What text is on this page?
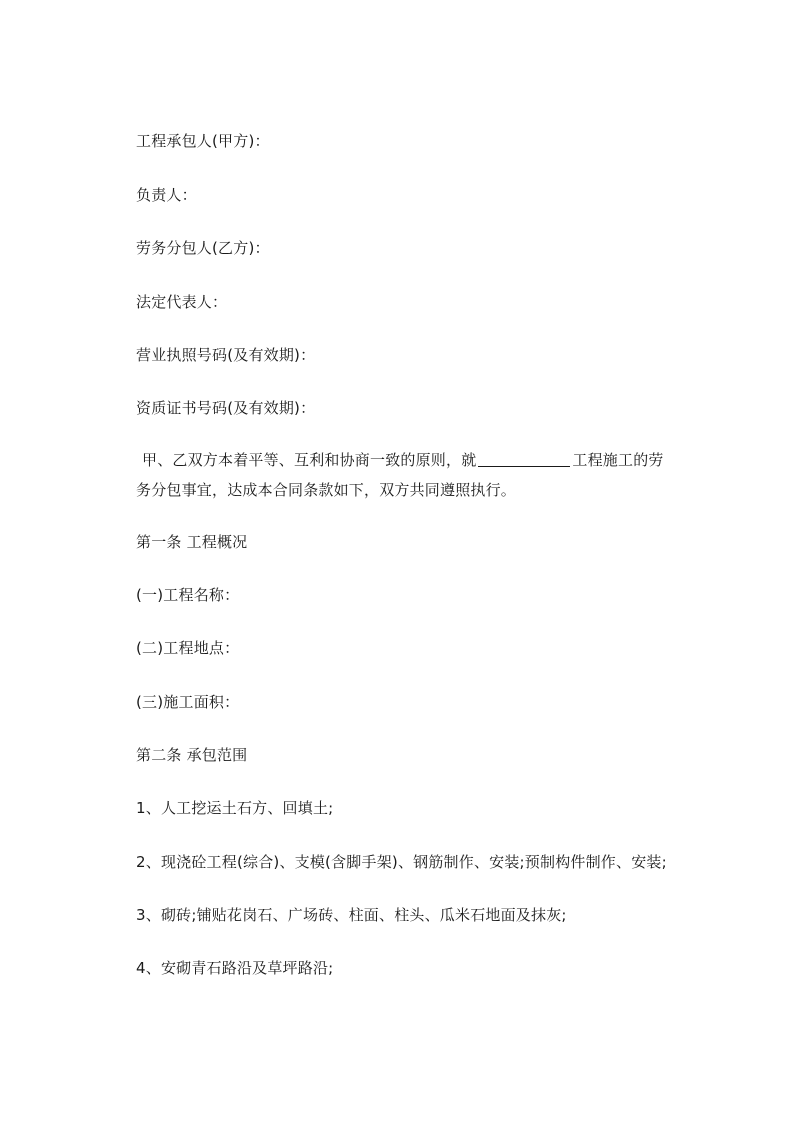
工程承包人(甲方)：
负责人：
劳务分包人(乙方)：
法定代表人：
营业执照号码(及有效期)：
资质证书号码(及有效期)：
甲、乙双方本着平等、互利和协商一致的原则，就	工程施工的劳务分包事宜，达成本合同条款如下，双方共同遵照执行。
第一条 工程概况
(一)工程名称：
(二)工程地点：
(三)施工面积：
第二条 承包范围
1、人工挖运土石方、回填土;
2、现浇砼工程(综合)、支模(含脚手架)、钢筋制作、安装;预制构件制作、安装;
3、砌砖;铺贴花岗石、广场砖、柱面、柱头、瓜米石地面及抹灰;
4、安砌青石路沿及草坪路沿;
